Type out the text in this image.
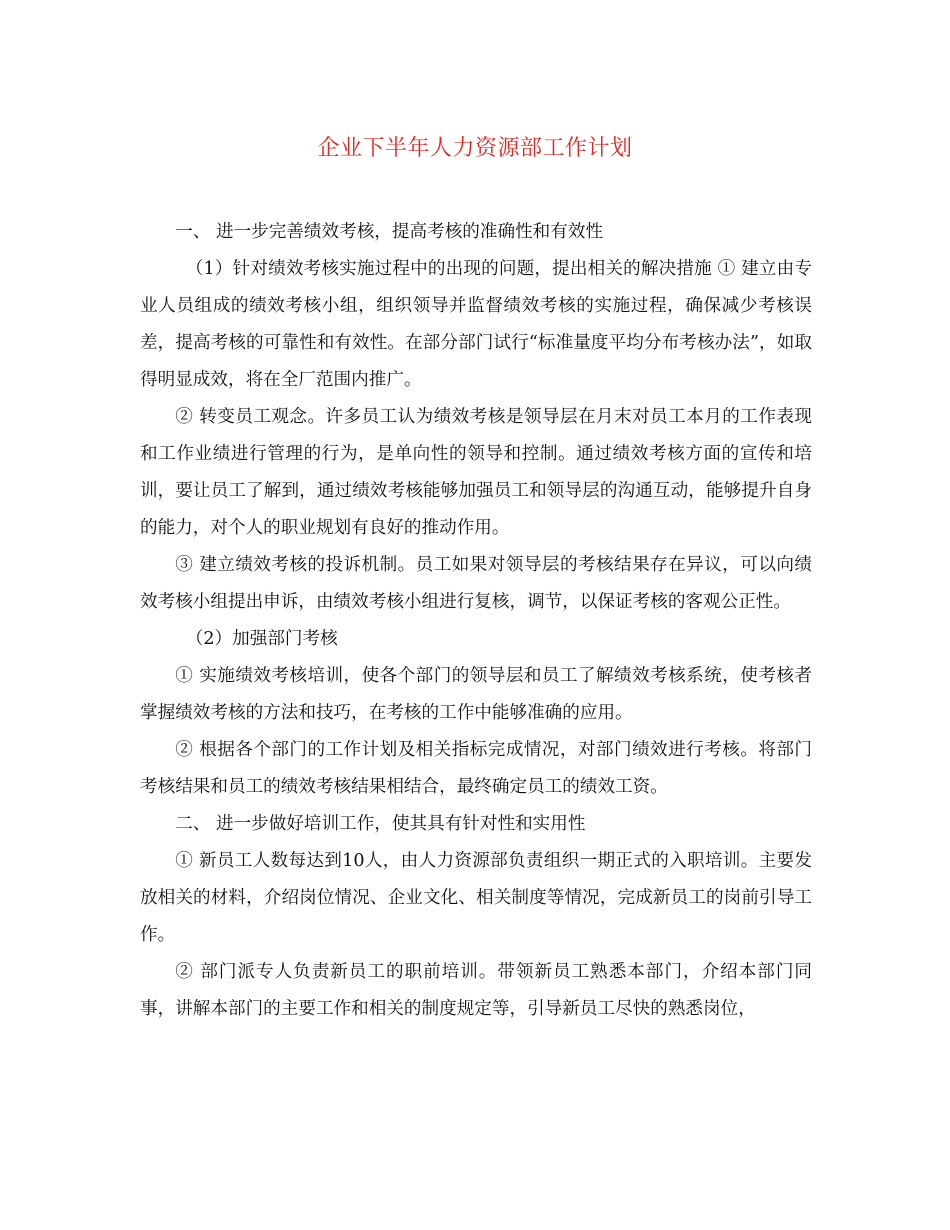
企业下半年人力资源部工作计划

一、 进一步完善绩效考核，提高考核的准确性和有效性

（1）针对绩效考核实施过程中的出现的问题，提出相关的解决措施 ① 建立由专业人员组成的绩效考核小组，组织领导并监督绩效考核的实施过程，确保减少考核误差，提高考核的可靠性和有效性。在部分部门试行“标准量度平均分布考核办法”，如取得明显成效，将在全厂范围内推广。

② 转变员工观念。许多员工认为绩效考核是领导层在月末对员工本月的工作表现和工作业绩进行管理的行为，是单向性的领导和控制。通过绩效考核方面的宣传和培训，要让员工了解到，通过绩效考核能够加强员工和领导层的沟通互动，能够提升自身的能力，对个人的职业规划有良好的推动作用。

③ 建立绩效考核的投诉机制。员工如果对领导层的考核结果存在异议，可以向绩效考核小组提出申诉，由绩效考核小组进行复核，调节，以保证考核的客观公正性。

（2）加强部门考核

① 实施绩效考核培训，使各个部门的领导层和员工了解绩效考核系统，使考核者掌握绩效考核的方法和技巧，在考核的工作中能够准确的应用。

② 根据各个部门的工作计划及相关指标完成情况，对部门绩效进行考核。将部门考核结果和员工的绩效考核结果相结合，最终确定员工的绩效工资。

二、 进一步做好培训工作，使其具有针对性和实用性

① 新员工人数每达到10人，由人力资源部负责组织一期正式的入职培训。主要发放相关的材料，介绍岗位情况、企业文化、相关制度等情况，完成新员工的岗前引导工作。

② 部门派专人负责新员工的职前培训。带领新员工熟悉本部门，介绍本部门同事，讲解本部门的主要工作和相关的制度规定等，引导新员工尽快的熟悉岗位，
